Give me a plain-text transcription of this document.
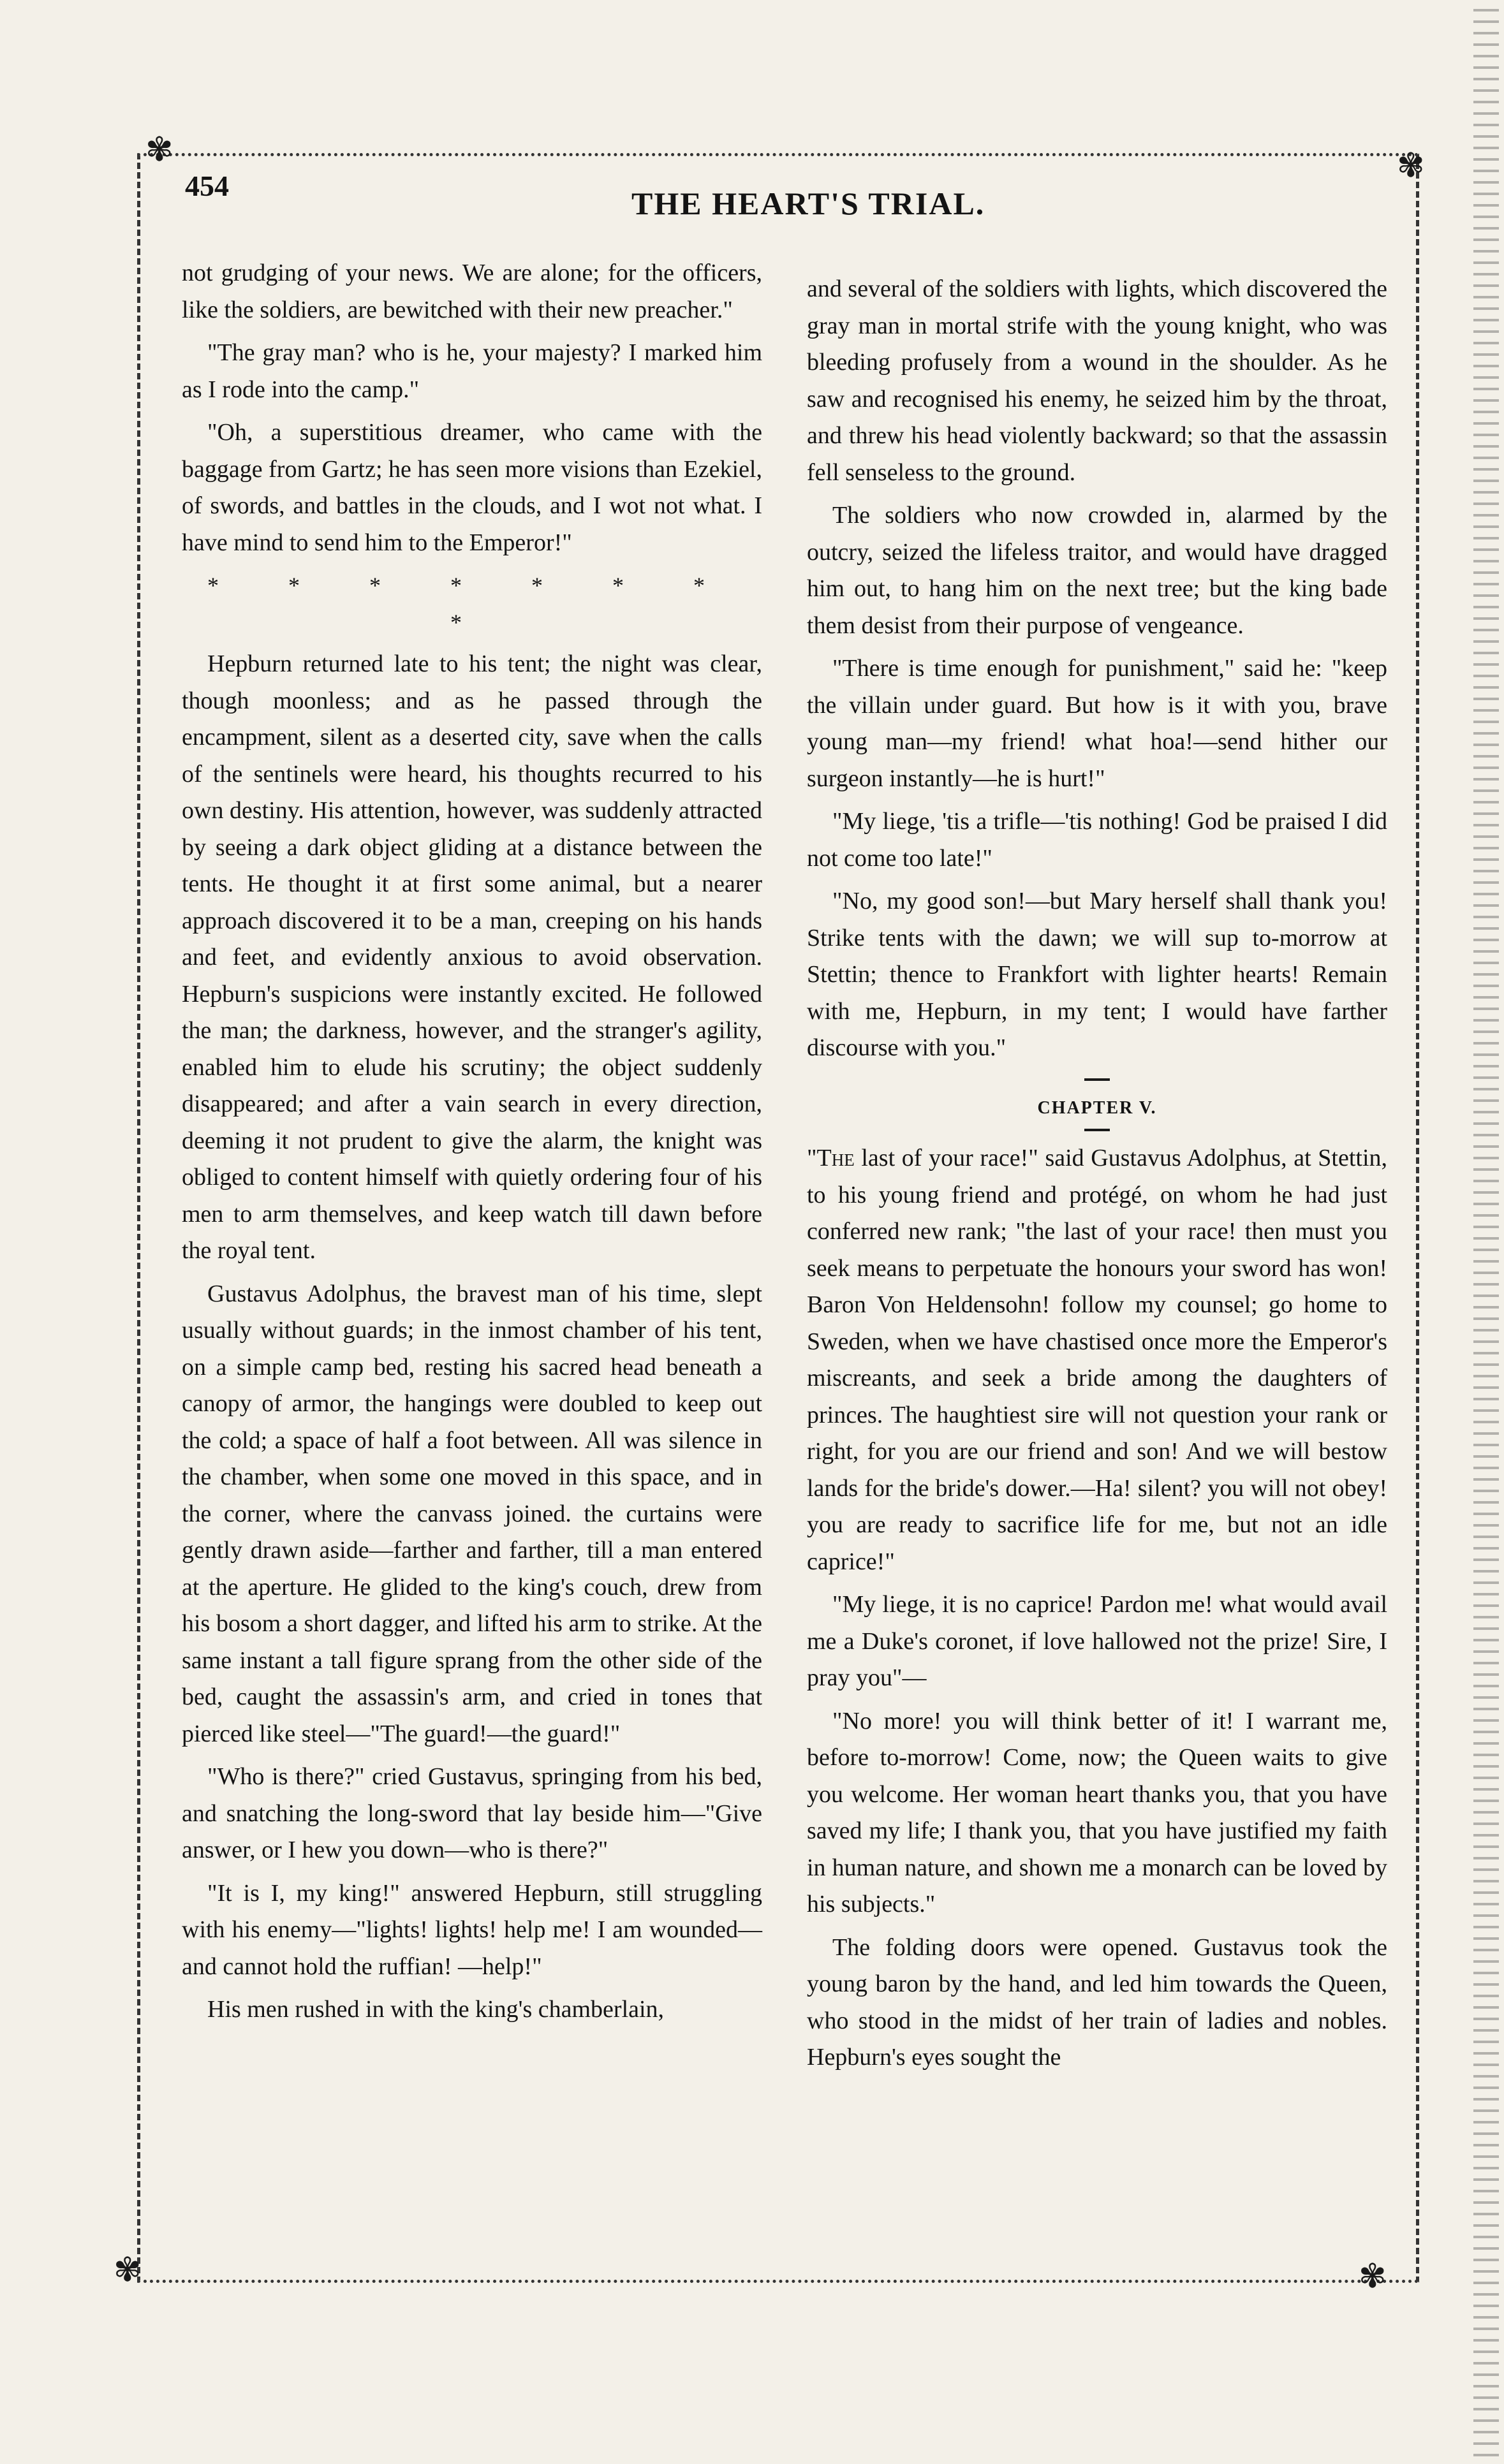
✾	✾
✾	✾
454	THE HEART'S TRIAL.

not grudging of your news. We are alone; for the officers, like the soldiers, are bewitched with their new preacher."

"The gray man? who is he, your majesty? I marked him as I rode into the camp."

"Oh, a superstitious dreamer, who came with the baggage from Gartz; he has seen more visions than Ezekiel, of swords, and battles in the clouds, and I wot not what. I have mind to send him to the Emperor!"

* * * * * * * *

Hepburn returned late to his tent; the night was clear, though moonless; and as he passed through the encampment, silent as a deserted city, save when the calls of the sentinels were heard, his thoughts recurred to his own destiny. His attention, however, was suddenly attracted by seeing a dark object gliding at a distance between the tents. He thought it at first some animal, but a nearer approach discovered it to be a man, creeping on his hands and feet, and evidently anxious to avoid observation. Hepburn's suspicions were instantly excited. He followed the man; the darkness, however, and the stranger's agility, enabled him to elude his scrutiny; the object suddenly disappeared; and after a vain search in every direction, deeming it not prudent to give the alarm, the knight was obliged to content himself with quietly ordering four of his men to arm themselves, and keep watch till dawn before the royal tent.

Gustavus Adolphus, the bravest man of his time, slept usually without guards; in the inmost chamber of his tent, on a simple camp bed, resting his sacred head beneath a canopy of armor, the hangings were doubled to keep out the cold; a space of half a foot between. All was silence in the chamber, when some one moved in this space, and in the corner, where the canvass joined. the curtains were gently drawn aside—farther and farther, till a man entered at the aperture. He glided to the king's couch, drew from his bosom a short dagger, and lifted his arm to strike. At the same instant a tall figure sprang from the other side of the bed, caught the assassin's arm, and cried in tones that pierced like steel—"The guard!—the guard!"

"Who is there?" cried Gustavus, springing from his bed, and snatching the long-sword that lay beside him—"Give answer, or I hew you down—who is there?"

"It is I, my king!" answered Hepburn, still struggling with his enemy—"lights! lights! help me! I am wounded—and cannot hold the ruffian! —help!"

His men rushed in with the king's chamberlain,

and several of the soldiers with lights, which discovered the gray man in mortal strife with the young knight, who was bleeding profusely from a wound in the shoulder. As he saw and recognised his enemy, he seized him by the throat, and threw his head violently backward; so that the assassin fell senseless to the ground.

The soldiers who now crowded in, alarmed by the outcry, seized the lifeless traitor, and would have dragged him out, to hang him on the next tree; but the king bade them desist from their purpose of vengeance.

"There is time enough for punishment," said he: "keep the villain under guard. But how is it with you, brave young man—my friend! what hoa!—send hither our surgeon instantly—he is hurt!"

"My liege, 'tis a trifle—'tis nothing! God be praised I did not come too late!"

"No, my good son!—but Mary herself shall thank you! Strike tents with the dawn; we will sup to-morrow at Stettin; thence to Frankfort with lighter hearts! Remain with me, Hepburn, in my tent; I would have farther discourse with you."

CHAPTER V.

"The last of your race!" said Gustavus Adolphus, at Stettin, to his young friend and protégé, on whom he had just conferred new rank; "the last of your race! then must you seek means to perpetuate the honours your sword has won! Baron Von Heldensohn! follow my counsel; go home to Sweden, when we have chastised once more the Emperor's miscreants, and seek a bride among the daughters of princes. The haughtiest sire will not question your rank or right, for you are our friend and son! And we will bestow lands for the bride's dower.—Ha! silent? you will not obey! you are ready to sacrifice life for me, but not an idle caprice!"

"My liege, it is no caprice! Pardon me! what would avail me a Duke's coronet, if love hallowed not the prize! Sire, I pray you"—

"No more! you will think better of it! I warrant me, before to-morrow! Come, now; the Queen waits to give you welcome. Her woman heart thanks you, that you have saved my life; I thank you, that you have justified my faith in human nature, and shown me a monarch can be loved by his subjects."

The folding doors were opened. Gustavus took the young baron by the hand, and led him towards the Queen, who stood in the midst of her train of ladies and nobles. Hepburn's eyes sought the
